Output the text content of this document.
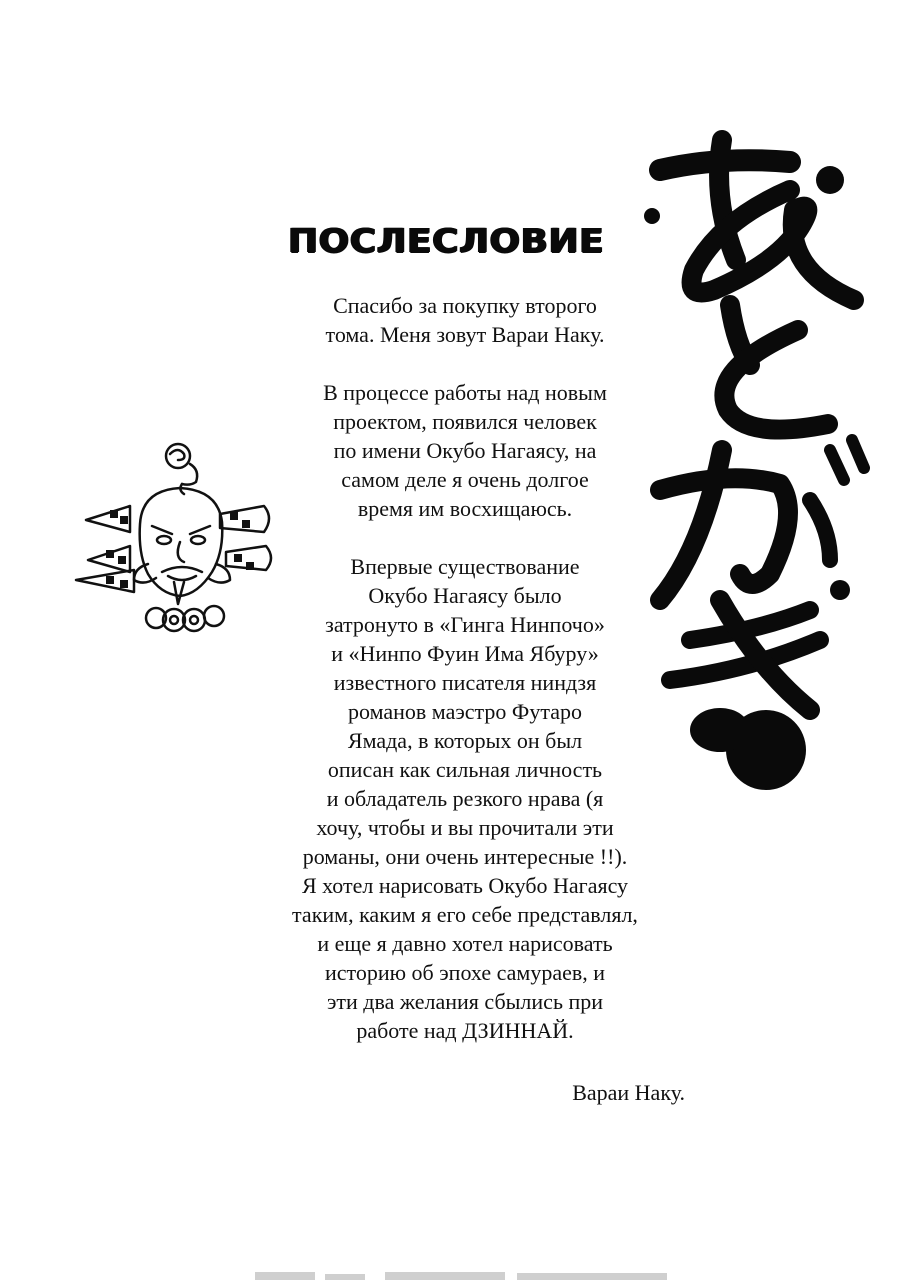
ПОСЛЕСЛОВИЕ
Спасибо за покупку второго
тома. Меня зовут Вараи Наку.
В процессе работы над новым
проектом, появился человек
по имени Окубо Нагаясу, на
самом деле я очень долгое
время им восхищаюсь.
Впервые существование
Окубо Нагаясу было
затронуто в «Гинга Нинпочо»
и «Нинпо Фуин Има Ябуру»
известного писателя ниндзя
романов маэстро Футаро
Ямада, в которых он был
описан как сильная личность
и обладатель резкого нрава (я
хочу, чтобы и вы прочитали эти
романы, они очень интересные !!).
Я хотел нарисовать Окубо Нагаясу
таким, каким я его себе представлял,
и еще я давно хотел нарисовать
историю об эпохе самураев, и
эти два желания сбылись при
работе над ДЗИННАЙ.
Вараи Наку.
